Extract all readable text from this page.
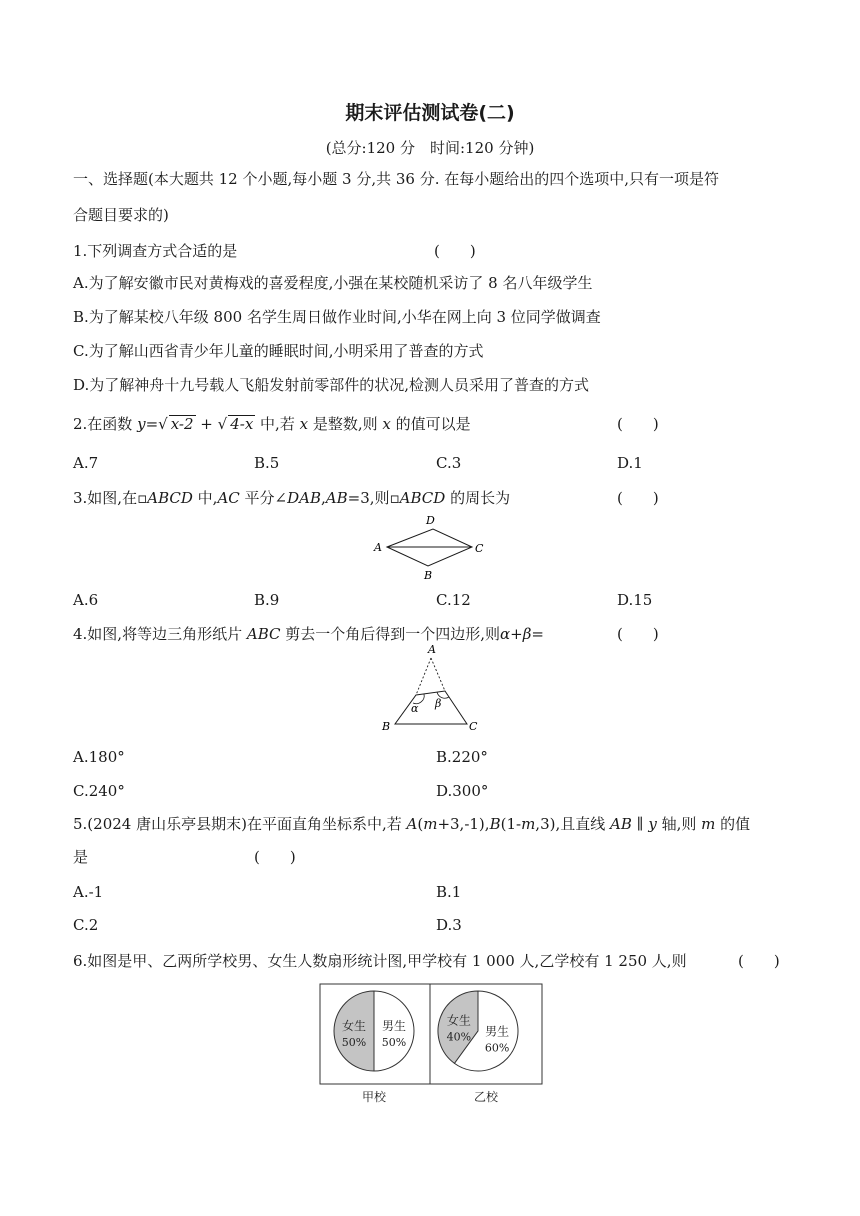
期末评估测试卷(二)
(总分:120 分　时间:120 分钟)
一、选择题(本大题共 12 个小题,每小题 3 分,共 36 分. 在每小题给出的四个选项中,只有一项是符
合题目要求的)
1.下列调查方式合适的是	(　　)
A.为了解安徽市民对黄梅戏的喜爱程度,小强在某校随机采访了 8 名八年级学生
B.为了解某校八年级 800 名学生周日做作业时间,小华在网上向 3 位同学做调查
C.为了解山西省青少年儿童的睡眠时间,小明采用了普查的方式
D.为了解神舟十九号载人飞船发射前零部件的状况,检测人员采用了普查的方式
2.在函数 y=√ x-2 + √ 4-x 中,若 x 是整数,则 x 的值可以是	(　　)
A.7	B.5	C.3	D.1
3.如图,在▫ABCD 中,AC 平分∠DAB,AB=3,则▫ABCD 的周长为	(　　)
D
A	C
B
A.6	B.9	C.12	D.15
4.如图,将等边三角形纸片 ABC 剪去一个角后得到一个四边形,则α+β=	(　　)
A
B	C
α β
A.180°	B.220°
C.240°	D.300°
5.(2024 唐山乐亭县期末)在平面直角坐标系中,若 A(m+3,-1),B(1-m,3),且直线 AB ∥ y 轴,则 m 的值
是	(　　)
A.-1	B.1
C.2	D.3
6.如图是甲、乙两所学校男、女生人数扇形统计图,甲学校有 1 000 人,乙学校有 1 250 人,则	(　　)
女生
50%
男生
50%
女生
40% 男生
60%
甲校	乙校
